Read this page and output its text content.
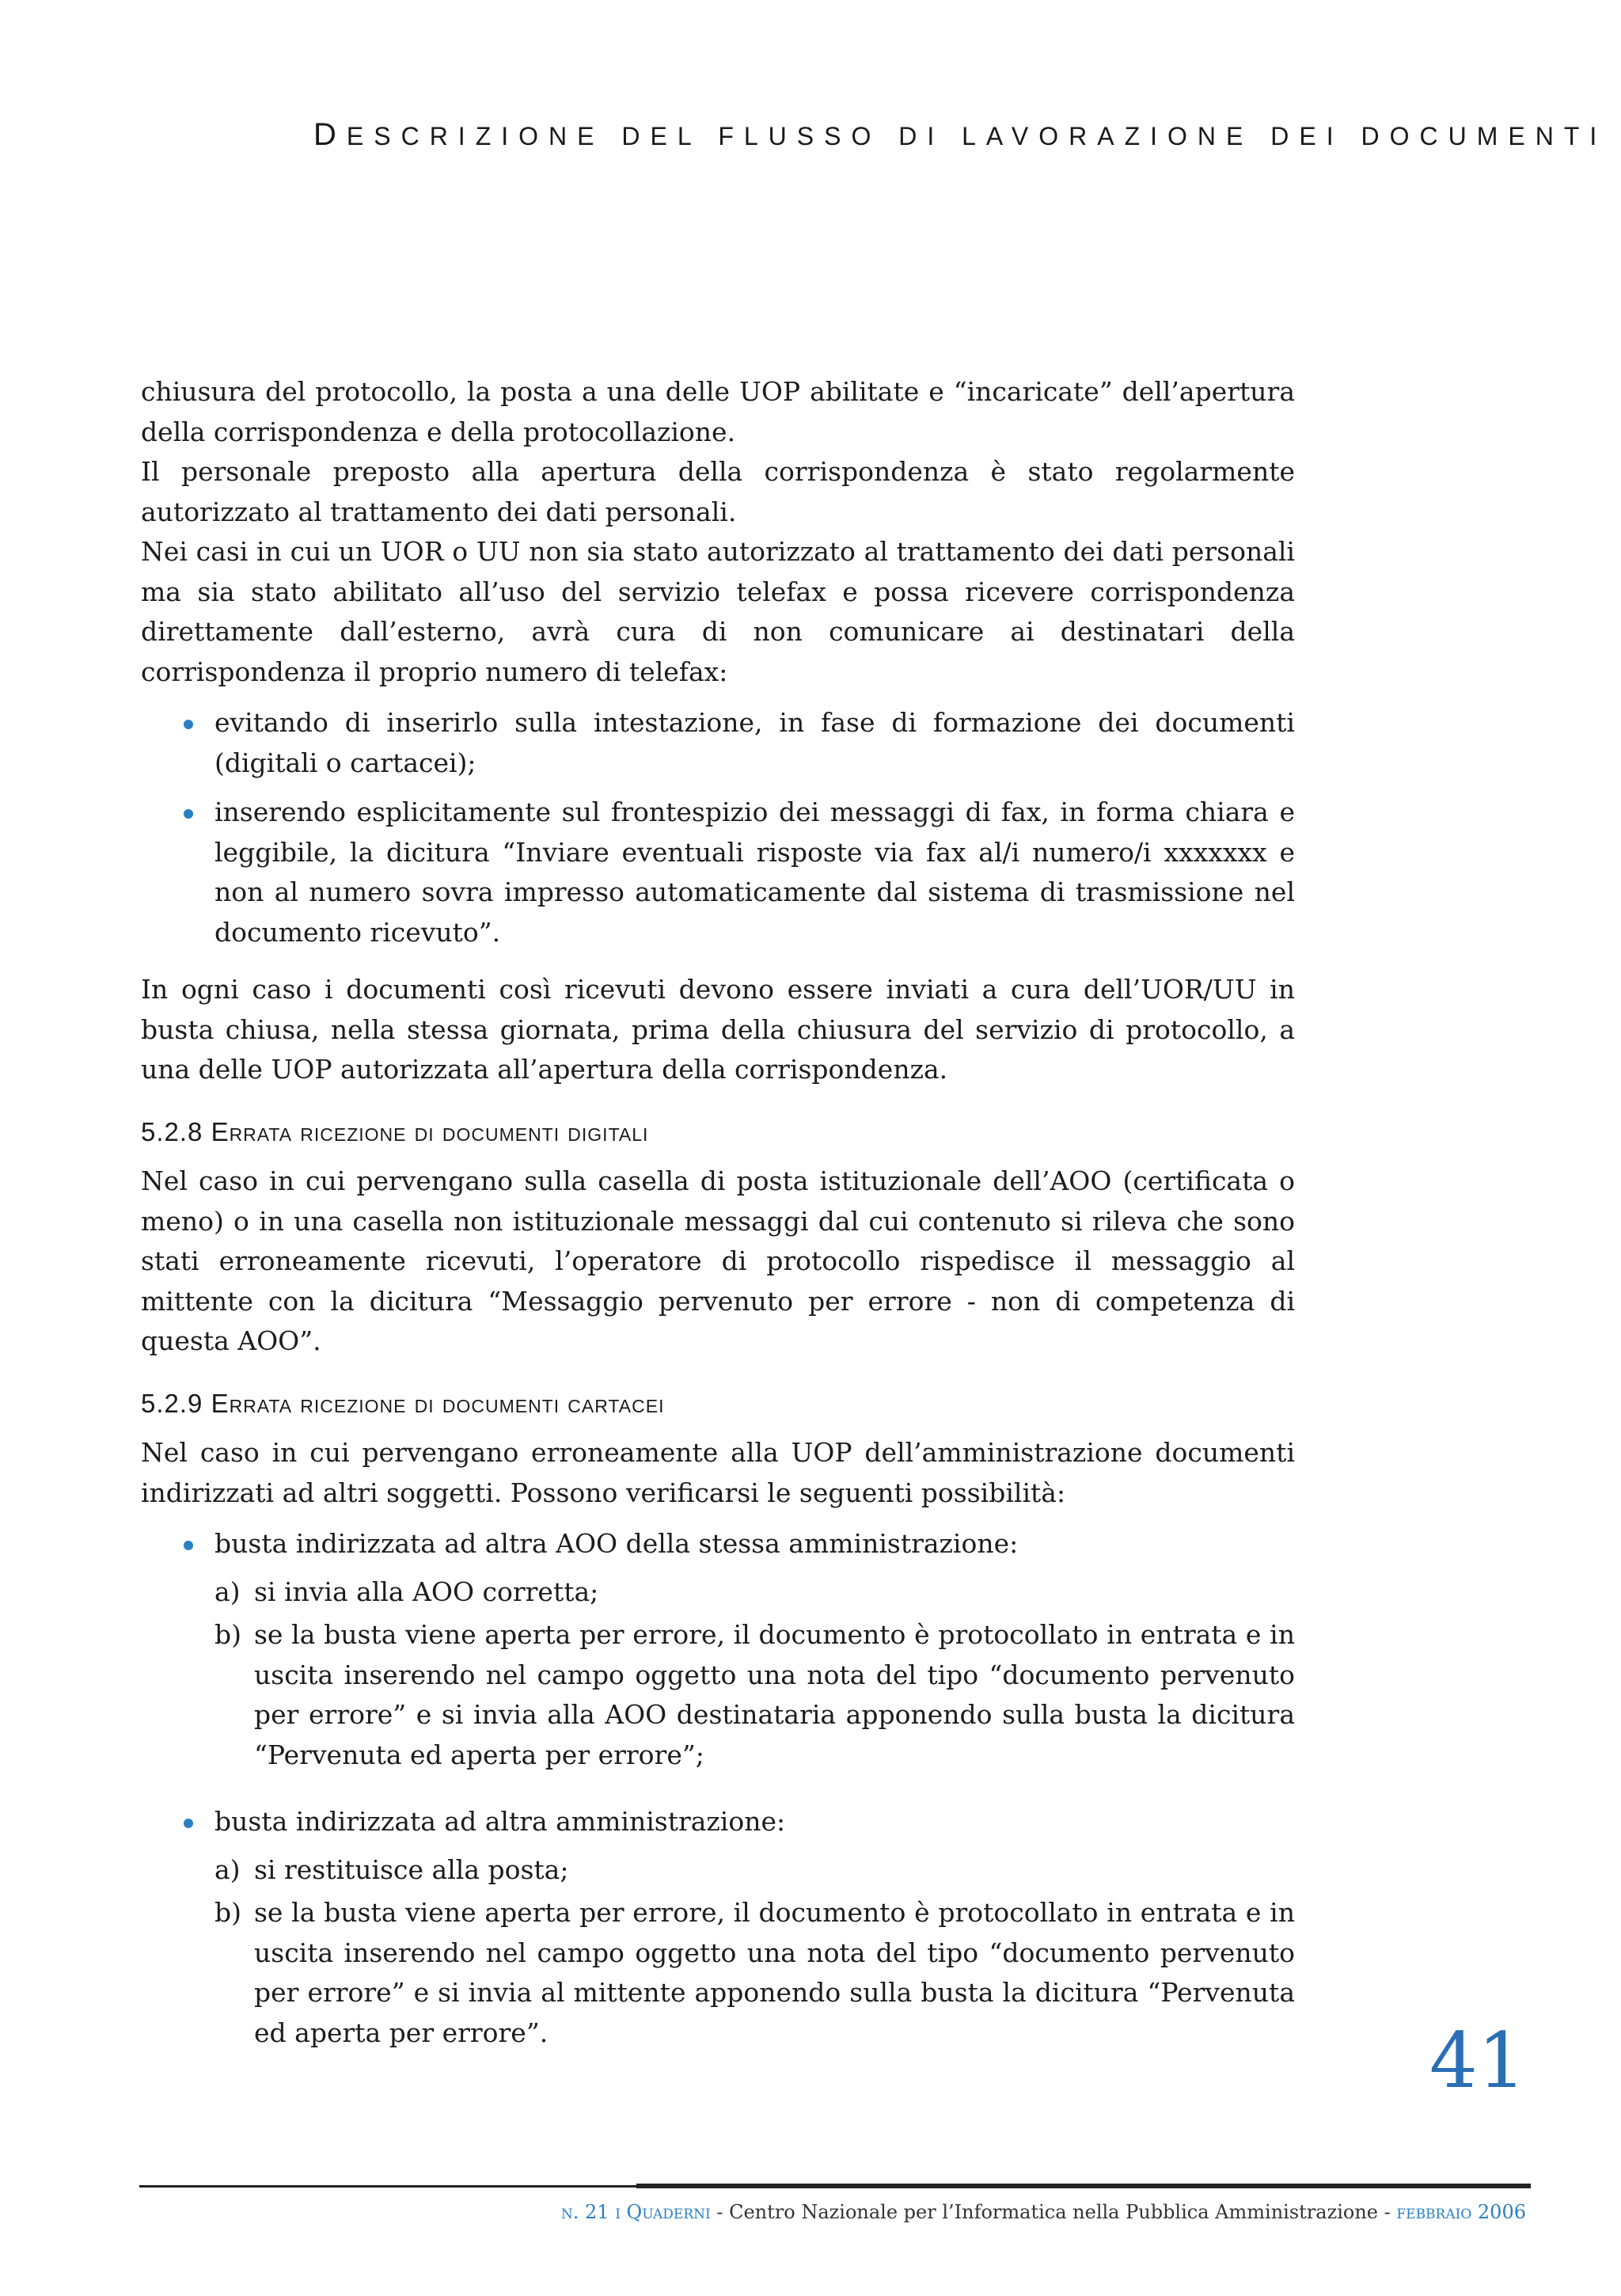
DESCRIZIONE DEL FLUSSO DI LAVORAZIONE DEI DOCUMENTI

chiusura del protocollo, la posta a una delle UOP abilitate e “incaricate” dell’apertura della corrispondenza e della protocollazione.

Il personale preposto alla apertura della corrispondenza è stato regolarmente autorizzato al trattamento dei dati personali.

Nei casi in cui un UOR o UU non sia stato autorizzato al trattamento dei dati personali ma sia stato abilitato all’uso del servizio telefax e possa ricevere corrispondenza direttamente dall’esterno, avrà cura di non comunicare ai destinatari della corrispondenza il proprio numero di telefax:

evitando di inserirlo sulla intestazione, in fase di formazione dei documenti (digitali o cartacei);
inserendo esplicitamente sul frontespizio dei messaggi di fax, in forma chiara e leggibile, la dicitura “Inviare eventuali risposte via fax al/i numero/i xxxxxxx e non al numero sovra impresso automaticamente dal sistema di trasmissione nel documento ricevuto”.

In ogni caso i documenti così ricevuti devono essere inviati a cura dell’UOR/UU in busta chiusa, nella stessa giornata, prima della chiusura del servizio di protocollo, a una delle UOP autorizzata all’apertura della corrispondenza.

5.2.8 Errata ricezione di documenti digitali

Nel caso in cui pervengano sulla casella di posta istituzionale dell’AOO (certificata o meno) o in una casella non istituzionale messaggi dal cui contenuto si rileva che sono stati erroneamente ricevuti, l’operatore di protocollo rispedisce il messaggio al mittente con la dicitura “Messaggio pervenuto per errore - non di competenza di questa AOO”.

5.2.9 Errata ricezione di documenti cartacei

Nel caso in cui pervengano erroneamente alla UOP dell’amministrazione documenti indirizzati ad altri soggetti. Possono verificarsi le seguenti possibilità:

busta indirizzata ad altra AOO della stessa amministrazione:
a) si invia alla AOO corretta;
b) se la busta viene aperta per errore, il documento è protocollato in entrata e in uscita inserendo nel campo oggetto una nota del tipo “documento pervenuto per errore” e si invia alla AOO destinataria apponendo sulla busta la dicitura “Pervenuta ed aperta per errore”;
busta indirizzata ad altra amministrazione:
a) si restituisce alla posta;
b) se la busta viene aperta per errore, il documento è protocollato in entrata e in uscita inserendo nel campo oggetto una nota del tipo “documento pervenuto per errore” e si invia al mittente apponendo sulla busta la dicitura “Pervenuta ed aperta per errore”.	41
n. 21 i Quaderni - Centro Nazionale per l’Informatica nella Pubblica Amministrazione - febbraio 2006
